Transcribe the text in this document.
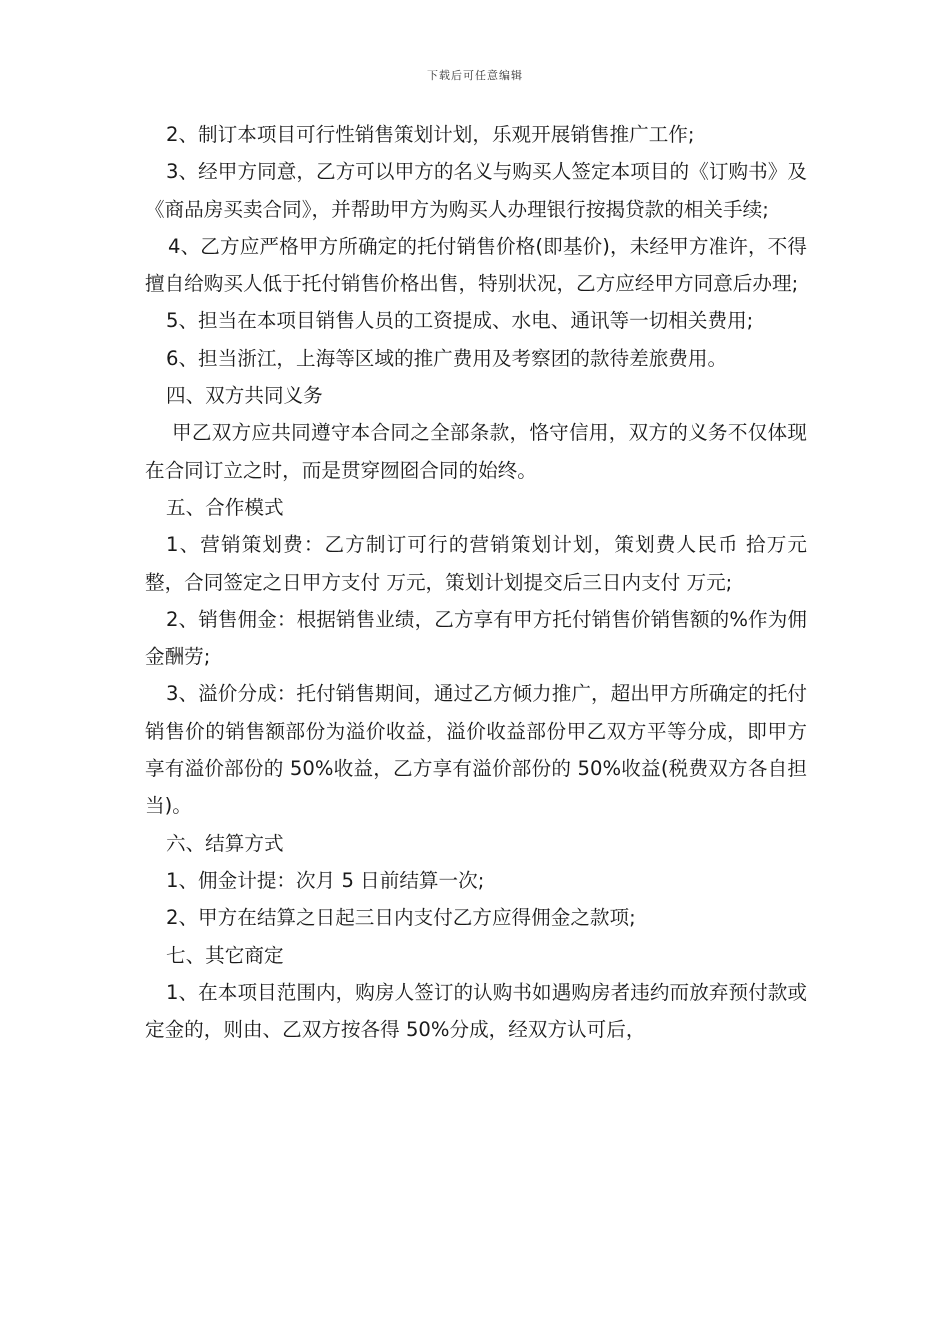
下载后可任意编辑

2、制订本项目可行性销售策划计划，乐观开展销售推广工作;

3、经甲方同意，乙方可以甲方的名义与购买人签定本项目的《订购书》及《商品房买卖合同》，并帮助甲方为购买人办理银行按揭贷款的相关手续;

4、乙方应严格甲方所确定的托付销售价格(即基价)，未经甲方准许，不得擅自给购买人低于托付销售价格出售，特别状况，乙方应经甲方同意后办理;

5、担当在本项目销售人员的工资提成、水电、通讯等一切相关费用;

6、担当浙江，上海等区域的推广费用及考察团的款待差旅费用。

四、双方共同义务

甲乙双方应共同遵守本合同之全部条款，恪守信用，双方的义务不仅体现在合同订立之时，而是贯穿囫囵合同的始终。

五、合作模式

1、营销策划费：乙方制订可行的营销策划计划，策划费人民币 拾万元整，合同签定之日甲方支付 万元，策划计划提交后三日内支付 万元;

2、销售佣金：根据销售业绩，乙方享有甲方托付销售价销售额的%作为佣金酬劳;

3、溢价分成：托付销售期间，通过乙方倾力推广，超出甲方所确定的托付销售价的销售额部份为溢价收益，溢价收益部份甲乙双方平等分成，即甲方享有溢价部份的 50%收益，乙方享有溢价部份的 50%收益(税费双方各自担当)。

六、结算方式

1、佣金计提：次月 5 日前结算一次;

2、甲方在结算之日起三日内支付乙方应得佣金之款项;

七、其它商定

1、在本项目范围内，购房人签订的认购书如遇购房者违约而放弃预付款或定金的，则由、乙双方按各得 50%分成，经双方认可后，
